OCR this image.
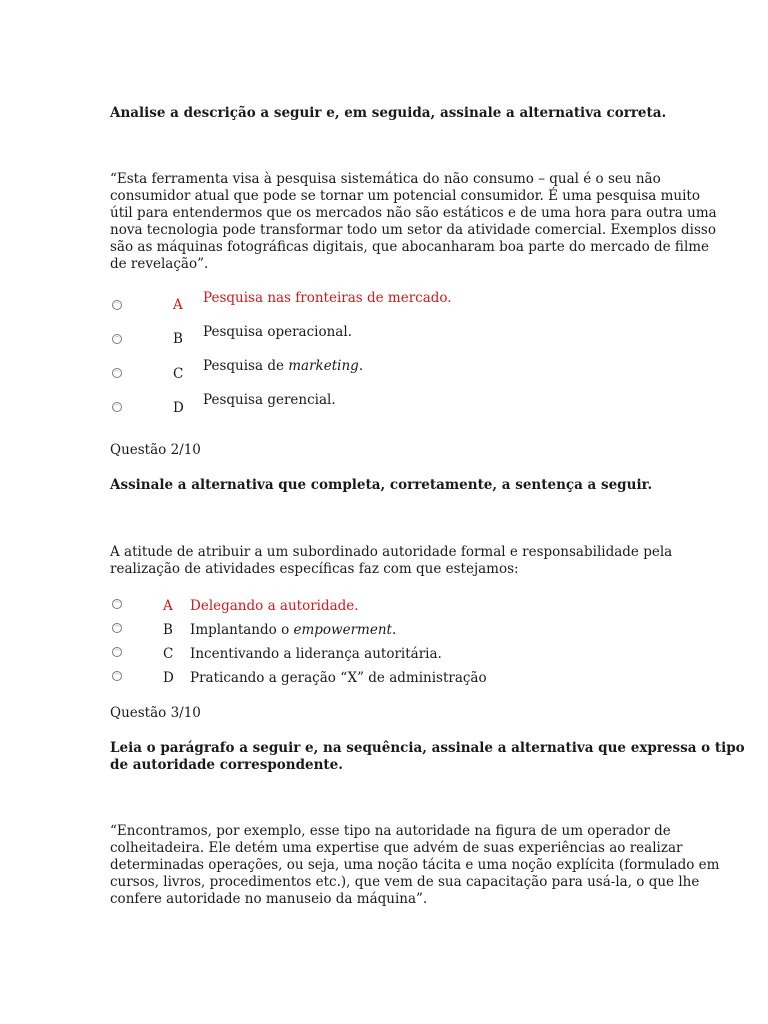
Analise a descrição a seguir e, em seguida, assinale a alternativa correta.
“Esta ferramenta visa à pesquisa sistemática do não consumo – qual é o seu não
consumidor atual que pode se tornar um potencial consumidor. É uma pesquisa muito
útil para entendermos que os mercados não são estáticos e de uma hora para outra uma
nova tecnologia pode transformar todo um setor da atividade comercial. Exemplos disso
são as máquinas fotográficas digitais, que abocanharam boa parte do mercado de filme
de revelação”.
A Pesquisa nas fronteiras de mercado.
B Pesquisa operacional.
C Pesquisa de marketing.
D Pesquisa gerencial.
Questão 2/10
Assinale a alternativa que completa, corretamente, a sentença a seguir.
A atitude de atribuir a um subordinado autoridade formal e responsabilidade pela
realização de atividades específicas faz com que estejamos:
A Delegando a autoridade.
B Implantando o empowerment.
C Incentivando a liderança autoritária.
D Praticando a geração “X” de administração
Questão 3/10
Leia o parágrafo a seguir e, na sequência, assinale a alternativa que expressa o tipo
de autoridade correspondente.
“Encontramos, por exemplo, esse tipo na autoridade na figura de um operador de
colheitadeira. Ele detém uma expertise que advém de suas experiências ao realizar
determinadas operações, ou seja, uma noção tácita e uma noção explícita (formulado em
cursos, livros, procedimentos etc.), que vem de sua capacitação para usá-la, o que lhe
confere autoridade no manuseio da máquina”.
